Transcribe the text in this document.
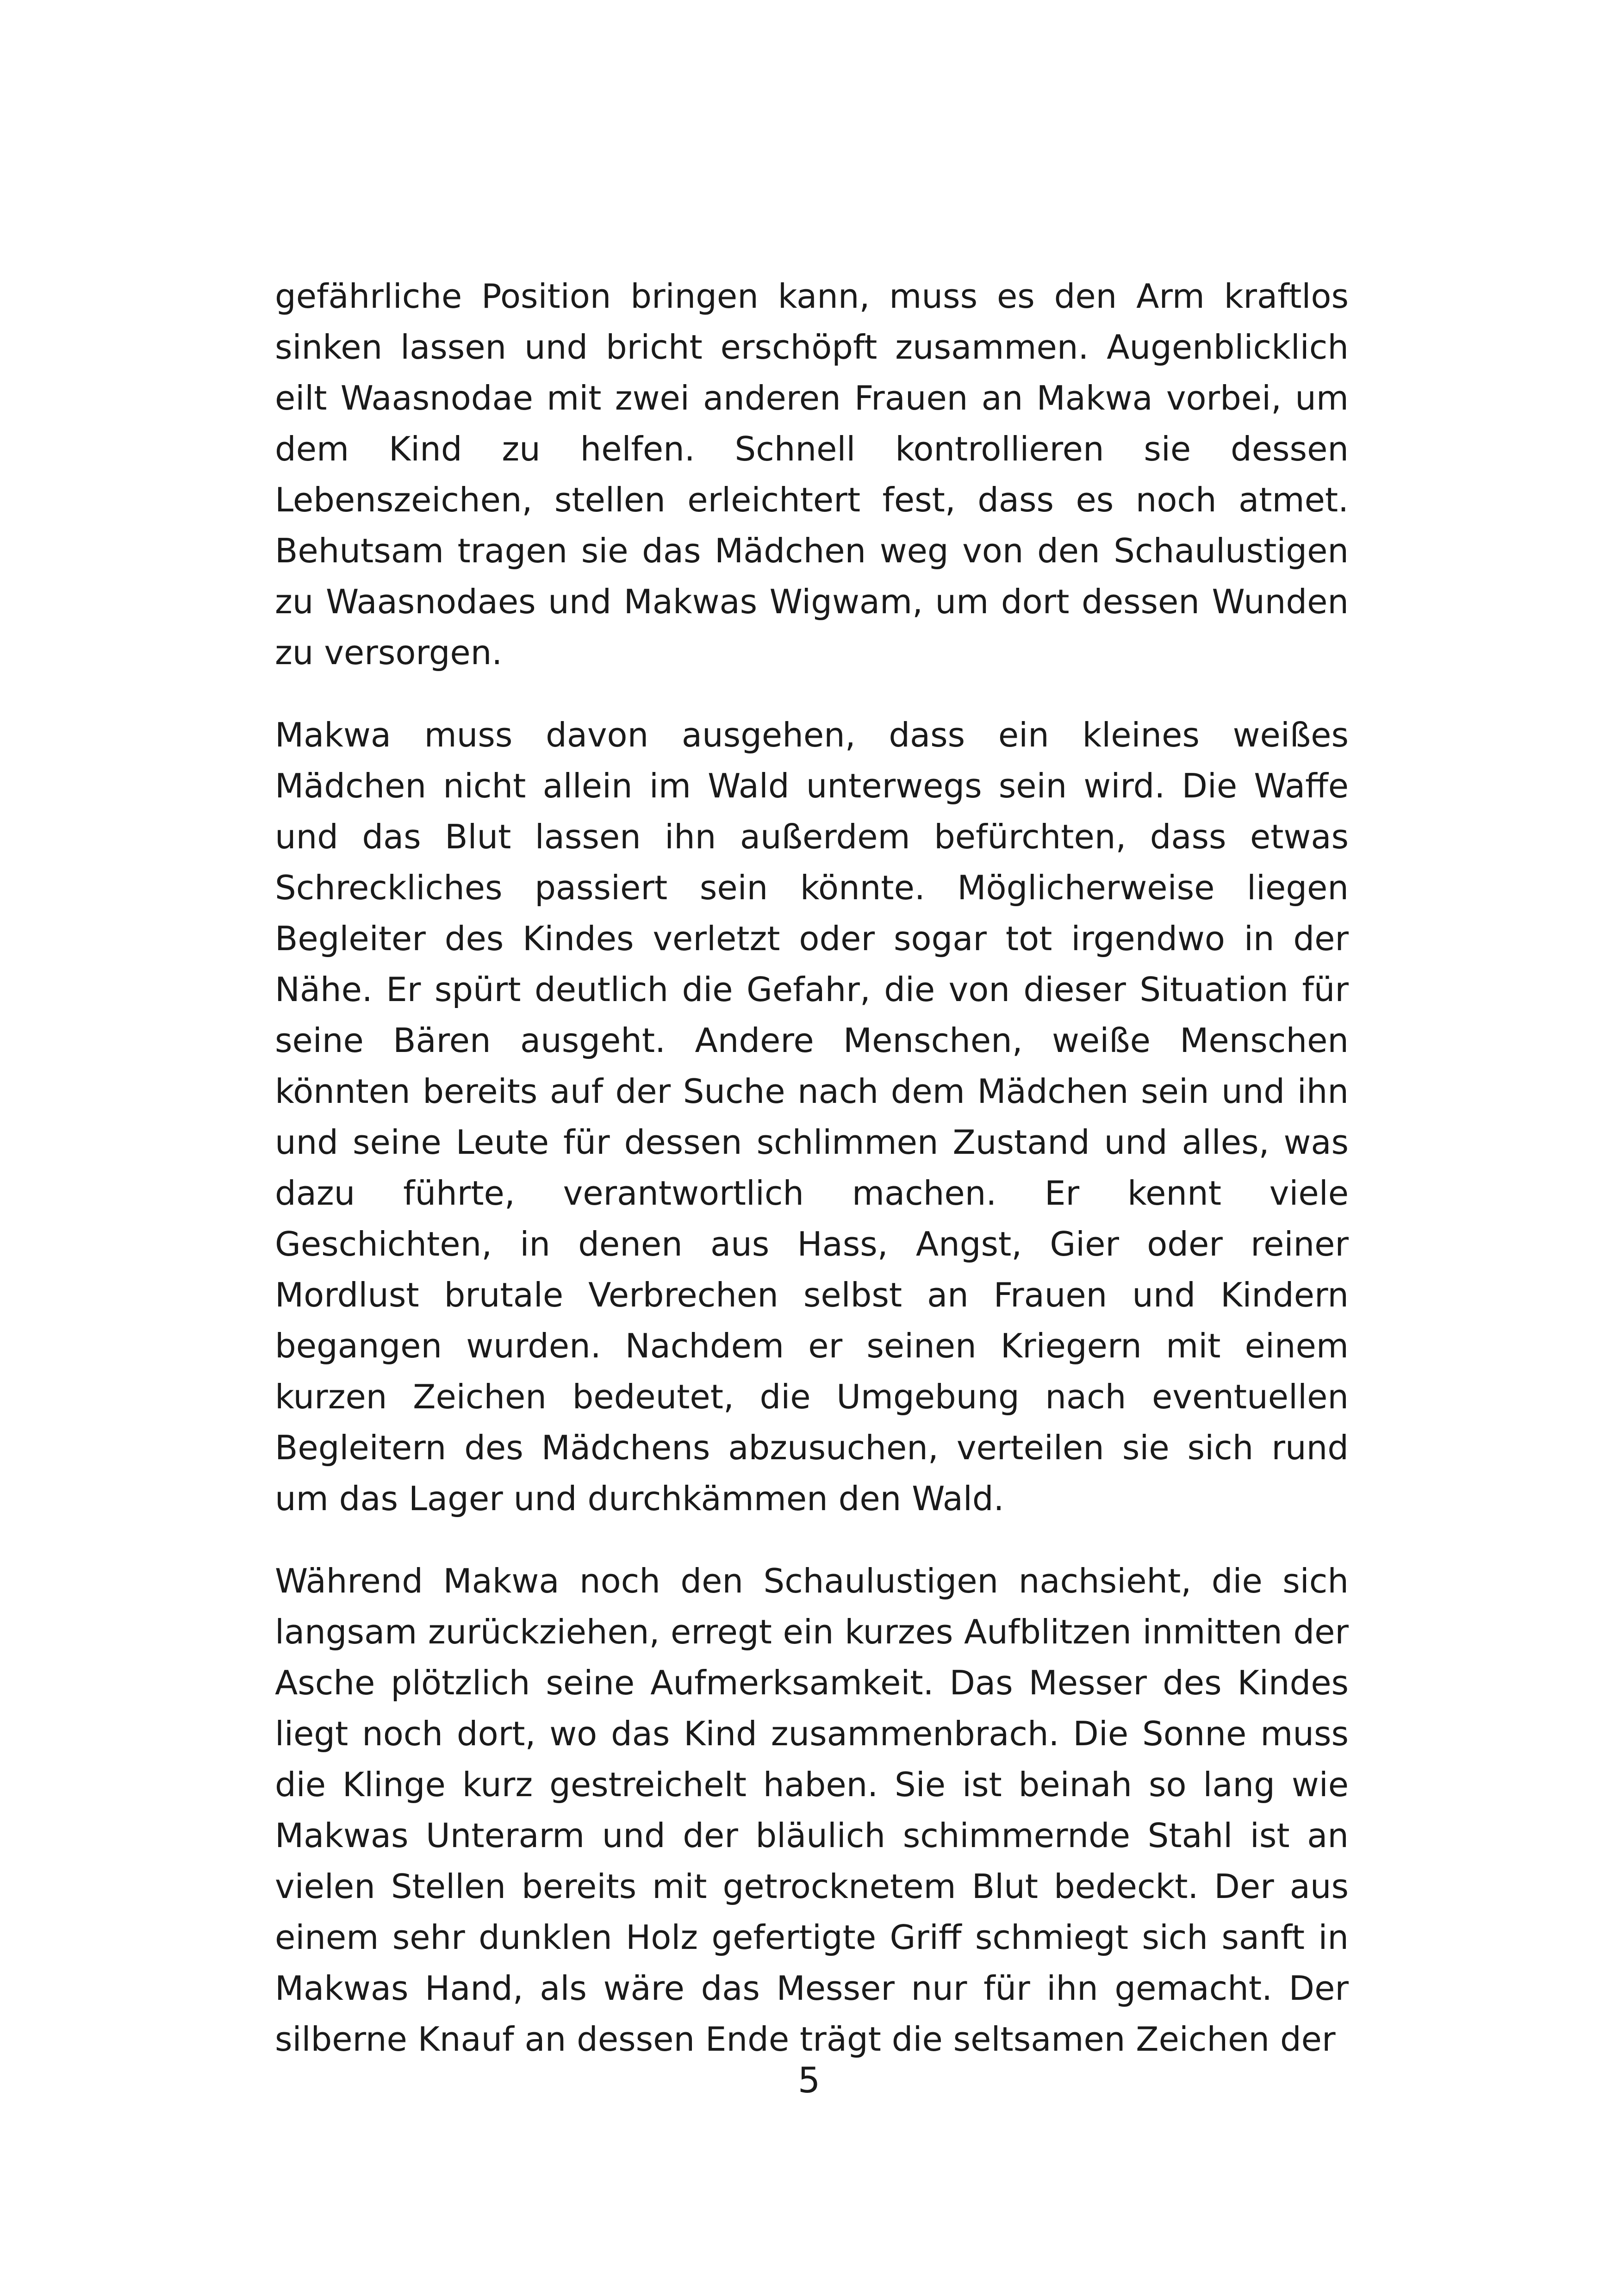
gefährliche Position bringen kann, muss es den Arm kraftlos sinken lassen und bricht erschöpft zusammen. Augenblicklich eilt Waasnodae mit zwei anderen Frauen an Makwa vorbei, um dem Kind zu helfen. Schnell kontrollieren sie dessen Lebenszeichen, stellen erleichtert fest, dass es noch atmet. Behutsam tragen sie das Mädchen weg von den Schaulustigen zu Waasnodaes und Makwas Wigwam, um dort dessen Wunden zu versorgen.

Makwa muss davon ausgehen, dass ein kleines weißes Mädchen nicht allein im Wald unterwegs sein wird. Die Waffe und das Blut lassen ihn außerdem befürchten, dass etwas Schreckliches passiert sein könnte. Möglicherweise liegen Begleiter des Kindes verletzt oder sogar tot irgendwo in der Nähe. Er spürt deutlich die Gefahr, die von dieser Situation für seine Bären ausgeht. Andere Menschen, weiße Menschen könnten bereits auf der Suche nach dem Mädchen sein und ihn und seine Leute für dessen schlimmen Zustand und alles, was dazu führte, verantwortlich machen. Er kennt viele Geschichten, in denen aus Hass, Angst, Gier oder reiner Mordlust brutale Verbrechen selbst an Frauen und Kindern begangen wurden. Nachdem er seinen Kriegern mit einem kurzen Zeichen bedeutet, die Umgebung nach eventuellen Begleitern des Mädchens abzusuchen, verteilen sie sich rund um das Lager und durchkämmen den Wald.

Während Makwa noch den Schaulustigen nachsieht, die sich langsam zurückziehen, erregt ein kurzes Aufblitzen inmitten der Asche plötzlich seine Aufmerksamkeit. Das Messer des Kindes liegt noch dort, wo das Kind zusammenbrach. Die Sonne muss die Klinge kurz gestreichelt haben. Sie ist beinah so lang wie Makwas Unterarm und der bläulich schimmernde Stahl ist an vielen Stellen bereits mit getrocknetem Blut bedeckt. Der aus einem sehr dunklen Holz gefertigte Griff schmiegt sich sanft in Makwas Hand, als wäre das Messer nur für ihn gemacht. Der silberne Knauf an dessen Ende trägt die seltsamen Zeichen der

5
